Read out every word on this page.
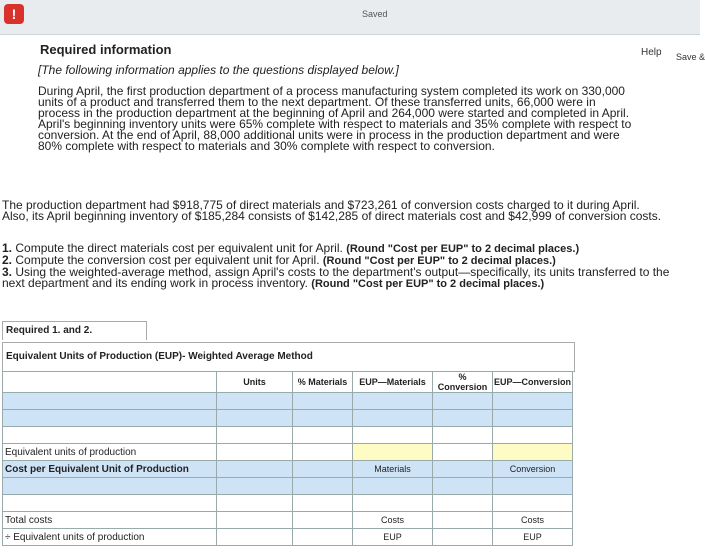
!	Saved
Help Save &
Required information
[The following information applies to the questions displayed below.]
During April, the first production department of a process manufacturing system completed its work on 330,000 units of a product and transferred them to the next department. Of these transferred units, 66,000 were in process in the production department at the beginning of April and 264,000 were started and completed in April. April's beginning inventory units were 65% complete with respect to materials and 35% complete with respect to conversion. At the end of April, 88,000 additional units were in process in the production department and were 80% complete with respect to materials and 30% complete with respect to conversion.
The production department had $918,775 of direct materials and $723,261 of conversion costs charged to it during April. Also, its April beginning inventory of $185,284 consists of $142,285 of direct materials cost and $42,999 of conversion costs.
1. Compute the direct materials cost per equivalent unit for April. (Round "Cost per EUP" to 2 decimal places.)
2. Compute the conversion cost per equivalent unit for April. (Round "Cost per EUP" to 2 decimal places.)
3. Using the weighted-average method, assign April's costs to the department's output—specifically, its units transferred to the next department and its ending work in process inventory. (Round "Cost per EUP" to 2 decimal places.)
Required 1. and 2.
Equivalent Units of Production (EUP)- Weighted Average Method
	Units	% Materials	EUP—Materials	% Conversion	EUP—Conversion

Equivalent units of production					
Cost per Equivalent Unit of Production			Materials		Conversion

Total costs			Costs		Costs
÷ Equivalent units of production			EUP		EUP
